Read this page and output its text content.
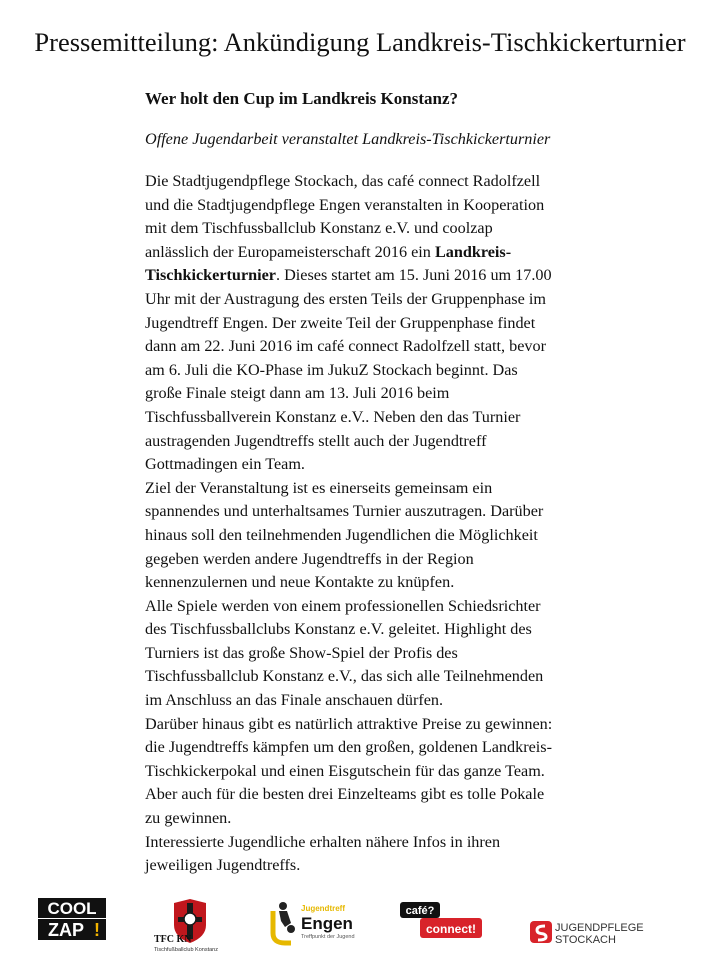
Pressemitteilung: Ankündigung Landkreis-Tischkickerturnier

Wer holt den Cup im Landkreis Konstanz?

Offene Jugendarbeit veranstaltet Landkreis-Tischkickerturnier

Die Stadtjugendpflege Stockach, das café connect Radolfzell
und die Stadtjugendpflege Engen veranstalten in Kooperation
mit dem Tischfussballclub Konstanz e.V. und coolzap
anlässlich der Europameisterschaft 2016 ein Landkreis-
Tischkickerturnier. Dieses startet am 15. Juni 2016 um 17.00
Uhr mit der Austragung des ersten Teils der Gruppenphase im
Jugendtreff Engen. Der zweite Teil der Gruppenphase findet
dann am 22. Juni 2016 im café connect Radolfzell statt, bevor
am 6. Juli die KO-Phase im JukuZ Stockach beginnt. Das
große Finale steigt dann am 13. Juli 2016 beim
Tischfussballverein Konstanz e.V.. Neben den das Turnier
austragenden Jugendtreffs stellt auch der Jugendtreff
Gottmadingen ein Team.
Ziel der Veranstaltung ist es einerseits gemeinsam ein
spannendes und unterhaltsames Turnier auszutragen. Darüber
hinaus soll den teilnehmenden Jugendlichen die Möglichkeit
gegeben werden andere Jugendtreffs in der Region
kennenzulernen und neue Kontakte zu knüpfen.
Alle Spiele werden von einem professionellen Schiedsrichter
des Tischfussballclubs Konstanz e.V. geleitet. Highlight des
Turniers ist das große Show-Spiel der Profis des
Tischfussballclub Konstanz e.V., das sich alle Teilnehmenden
im Anschluss an das Finale anschauen dürfen.
Darüber hinaus gibt es natürlich attraktive Preise zu gewinnen:
die Jugendtreffs kämpfen um den großen, goldenen Landkreis-
Tischkickerpokal und einen Eisgutschein für das ganze Team.
Aber auch für die besten drei Einzelteams gibt es tolle Pokale
zu gewinnen.
Interessierte Jugendliche erhalten nähere Infos in ihren
jeweiligen Jugendtreffs.
COOL
ZAP !	TFC KN
Tischfußballclub Konstanz
Jugendtreff
Engen
Treffpunkt der Jugend
café?
connect!	JUGENDPFLEGE
STOCKACH
